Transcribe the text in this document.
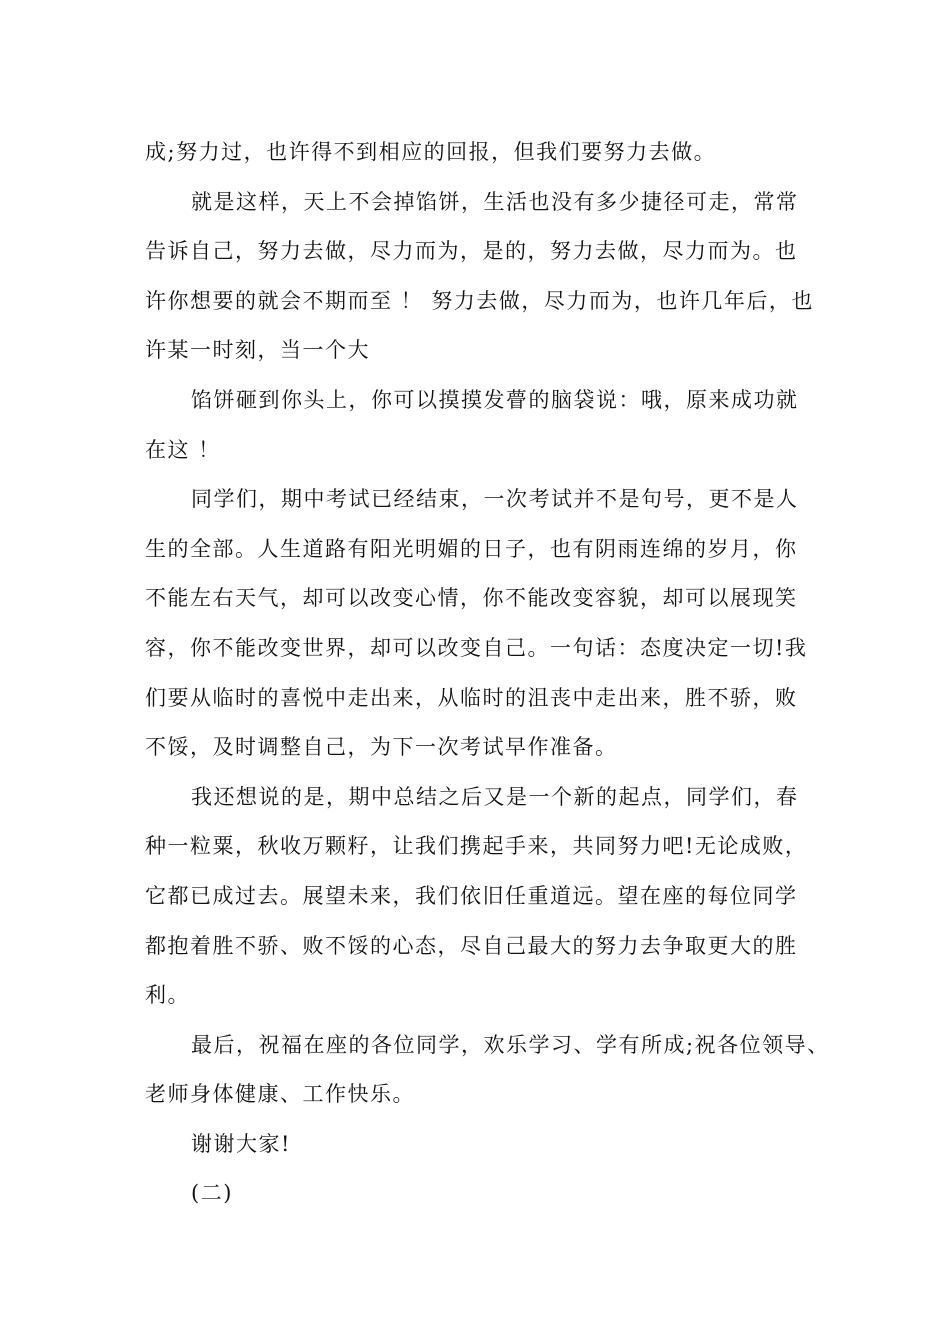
成;努力过，也许得不到相应的回报，但我们要努力去做。
就是这样，天上不会掉馅饼，生活也没有多少捷径可走，常常
告诉自己，努力去做，尽力而为，是的，努力去做，尽力而为。也
许你想要的就会不期而至 ！ 努力去做，尽力而为，也许几年后，也
许某一时刻，当一个大
馅饼砸到你头上，你可以摸摸发瞢的脑袋说：哦，原来成功就
在这 ！
同学们，期中考试已经结束，一次考试并不是句号，更不是人
生的全部。人生道路有阳光明媚的日子，也有阴雨连绵的岁月，你
不能左右天气，却可以改变心情，你不能改变容貌，却可以展现笑
容，你不能改变世界，却可以改变自己。一句话：态度决定一切!我
们要从临时的喜悦中走出来，从临时的沮丧中走出来，胜不骄，败
不馁，及时调整自己，为下一次考试早作准备。
我还想说的是，期中总结之后又是一个新的起点，同学们，春
种一粒粟，秋收万颗籽，让我们携起手来，共同努力吧!无论成败，
它都已成过去。展望未来，我们依旧任重道远。望在座的每位同学
都抱着胜不骄、败不馁的心态，尽自己最大的努力去争取更大的胜
利。
最后，祝福在座的各位同学，欢乐学习、学有所成;祝各位领导、
老师身体健康、工作快乐。
谢谢大家!
(二)
